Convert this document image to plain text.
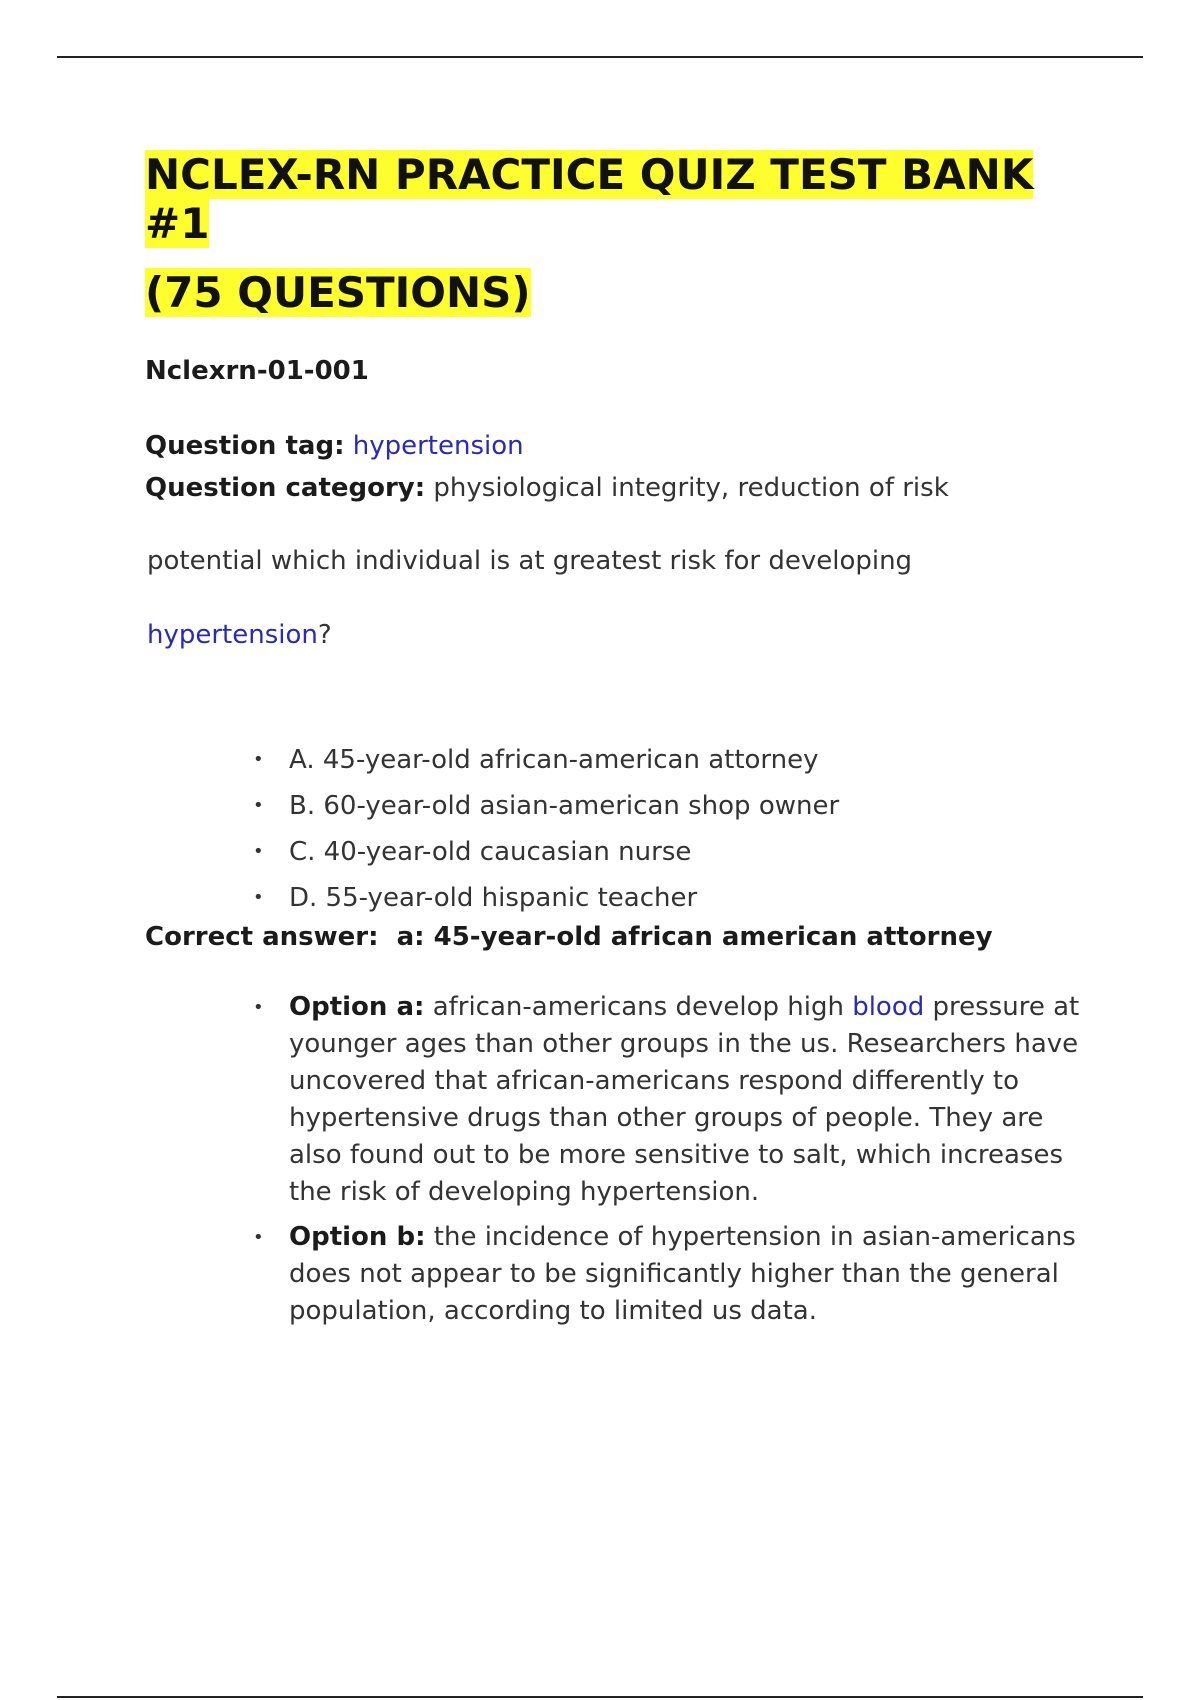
NCLEX-RN PRACTICE QUIZ TEST BANK #1
(75 QUESTIONS)

Nclexrn-01-001

Question tag: hypertension

Question category: physiological integrity, reduction of risk

potential which individual is at greatest risk for developing

hypertension?

• A. 45-year-old african-american attorney
• B. 60-year-old asian-american shop owner
• C. 40-year-old caucasian nurse
• D. 55-year-old hispanic teacher

Correct answer:  a: 45-year-old african american attorney

• Option a: african-americans develop high blood pressure at younger ages than other groups in the us. Researchers have uncovered that african-americans respond differently to hypertensive drugs than other groups of people. They are also found out to be more sensitive to salt, which increases the risk of developing hypertension.
• Option b: the incidence of hypertension in asian-americans does not appear to be significantly higher than the general population, according to limited us data.
